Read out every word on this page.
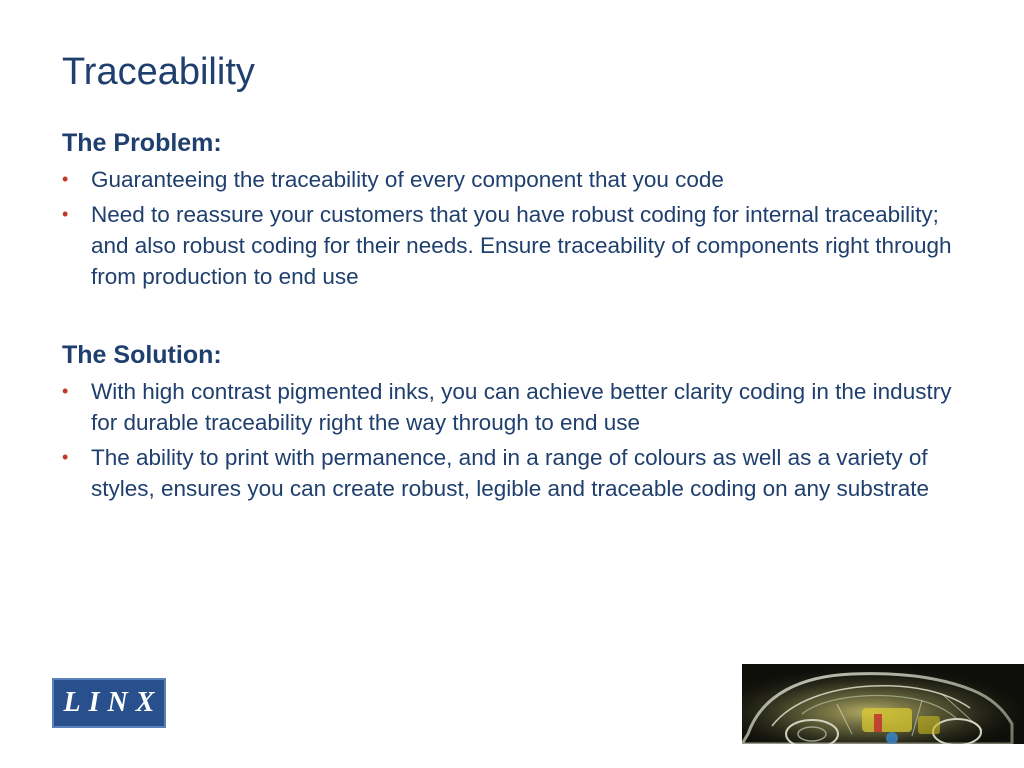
Traceability
The Problem:
• Guaranteeing the traceability of every component that you code
• Need to reassure your customers that you have robust coding for internal traceability; and also robust coding for their needs. Ensure traceability of components right through from production to end use
The Solution:
• With high contrast pigmented inks, you can achieve better clarity coding in the industry for durable traceability right the way through to end use
• The ability to print with permanence, and in a range of colours as well as a variety of styles, ensures you can create robust, legible and traceable coding on any substrate
LINX
